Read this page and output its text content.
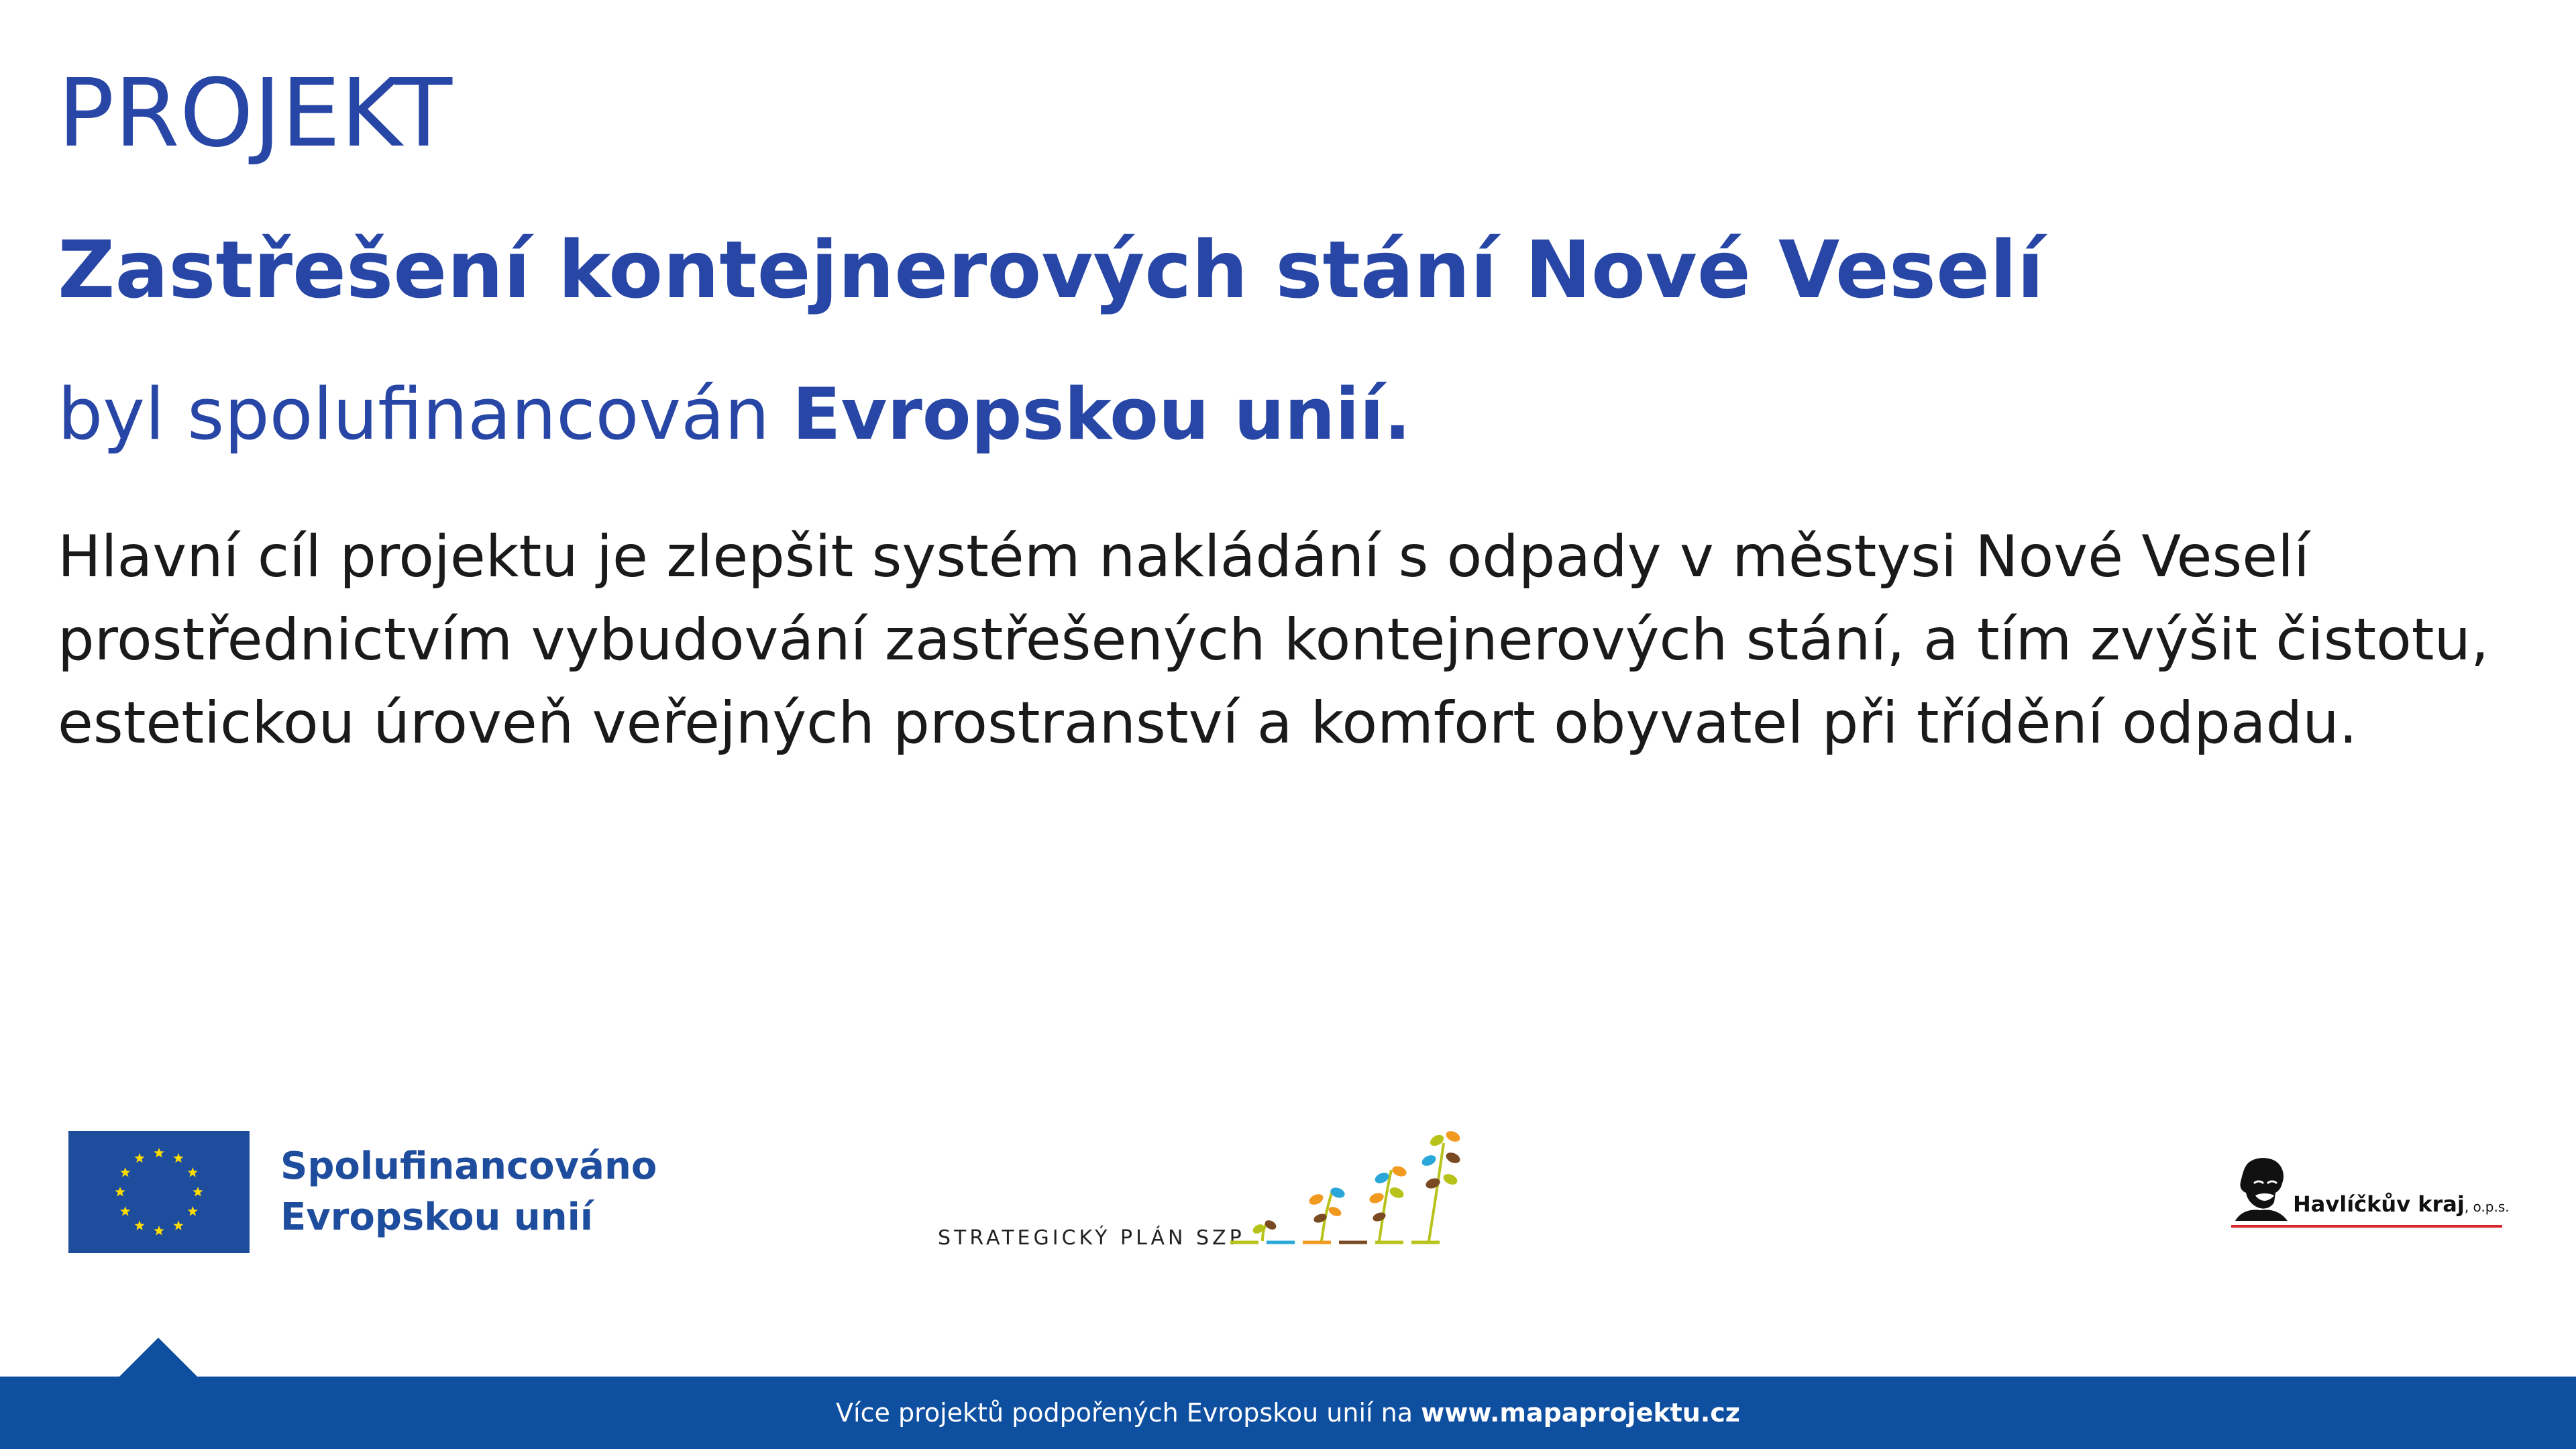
PROJEKT
Zastřešení kontejnerových stání Nové Veselí
byl spolufinancován Evropskou unií.
Hlavní cíl projektu je zlepšit systém nakládání s odpady v městysi Nové Veselí
prostřednictvím vybudování zastřešených kontejnerových stání, a tím zvýšit čistotu,
estetickou úroveň veřejných prostranství a komfort obyvatel při třídění odpadu.
Spolufinancováno
Evropskou unií	STRATEGICKÝ PLÁN SZP
Havlíčkův kraj, o.p.s.
Více projektů podpořených Evropskou unií na www.mapaprojektu.cz
